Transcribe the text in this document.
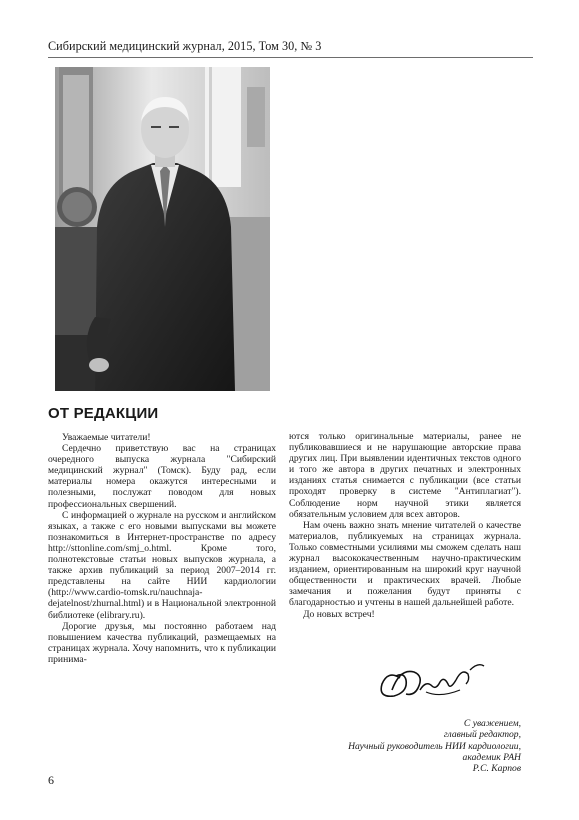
Сибирский медицинский журнал, 2015, Том 30, № 3
ОТ РЕДАКЦИИ

Уважаемые читатели!

Сердечно приветствую вас на страницах очередного выпуска журнала "Сибирский медицинский журнал" (Томск). Буду рад, если материалы номера окажутся интересными и полезными, послужат поводом для новых профессиональных свершений.

С информацией о журнале на русском и английском языках, а также с его новыми выпусками вы можете познакомиться в Интернет-пространстве по адресу http://sttonline.com/smj_o.html. Кроме того, полнотекстовые статьи новых выпусков журнала, а также архив публикаций за период 2007–2014 гг. представлены на сайте НИИ кардиологии (http://www.cardio-tomsk.ru/nauchnaja-dejatelnost/zhurnal.html) и в Национальной электронной библиотеке (elibrary.ru).

Дорогие друзья, мы постоянно работаем над повышением качества публикаций, размещаемых на страницах журнала. Хочу напомнить, что к публикации принима-

ются только оригинальные материалы, ранее не публиковавшиеся и не нарушающие авторские права других лиц. При выявлении идентичных текстов одного и того же автора в других печатных и электронных изданиях статья снимается с публикации (все статьи проходят проверку в системе "Антиплагиат"). Соблюдение норм научной этики является обязательным условием для всех авторов.

Нам очень важно знать мнение читателей о качестве материалов, публикуемых на страницах журнала. Только совместными усилиями мы сможем сделать наш журнал высококачественным научно-практическим изданием, ориентированным на широкий круг научной общественности и практических врачей. Любые замечания и пожелания будут приняты с благодарностью и учтены в нашей дальнейшей работе.

До новых встреч!

С уважением,
главный редактор,
Научный руководитель НИИ кардиологии,
академик РАН
Р.С. Карпов
6
